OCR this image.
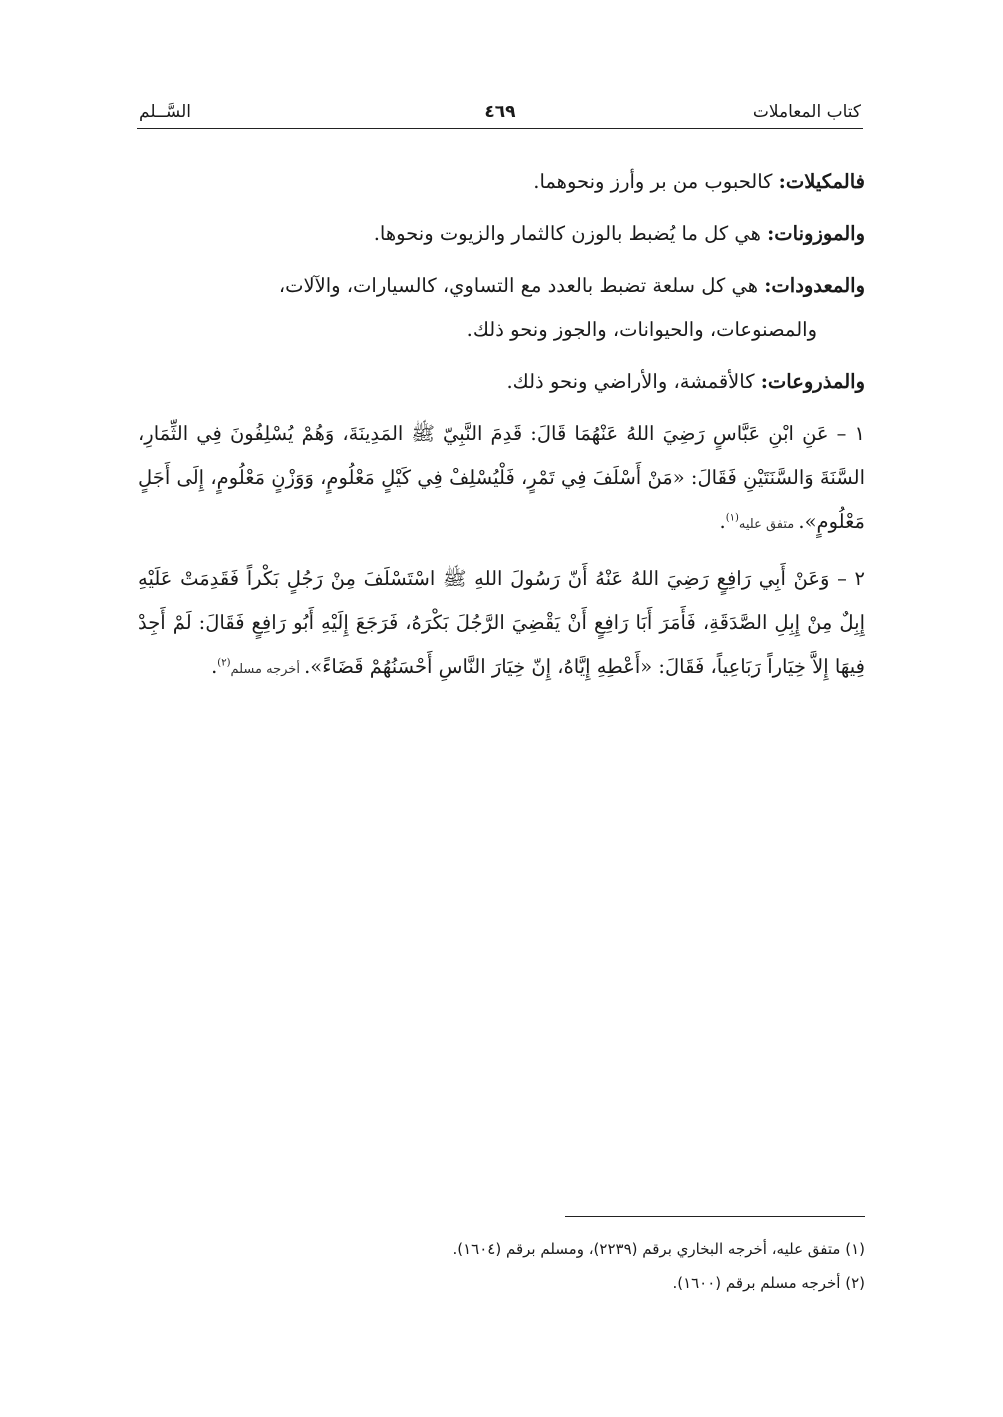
كتاب المعاملات
٤٦٩
السَّــلم

فالمكيلات: كالحبوب من بر وأرز ونحوهما.

والموزونات: هي كل ما يُضبط بالوزن كالثمار والزيوت ونحوها.

والمعدودات: هي كل سلعة تضبط بالعدد مع التساوي، كالسيارات، والآلات،
والمصنوعات، والحيوانات، والجوز ونحو ذلك.

والمذروعات: كالأقمشة، والأراضي ونحو ذلك.

١ – عَنِ ابْنِ عَبَّاسٍ رَضِيَ اللهُ عَنْهُمَا قَالَ: قَدِمَ النَّبِيّ ﷺ المَدِينَةَ، وَهُمْ يُسْلِفُونَ فِي الثِّمَارِ، السَّنَةَ وَالسَّنَتَيْنِ فَقَالَ: «مَنْ أَسْلَفَ فِي تَمْرٍ، فَلْيُسْلِفْ فِي كَيْلٍ مَعْلُومٍ، وَوَزْنٍ مَعْلُومٍ، إِلَى أَجَلٍ مَعْلُومٍ». متفق عليه$^{(١)}$.

٢ – وَعَنْ أَبِي رَافِعٍ رَضِيَ اللهُ عَنْهُ أَنّ رَسُولَ اللهِ ﷺ اسْتَسْلَفَ مِنْ رَجُلٍ بَكْراً فَقَدِمَتْ عَلَيْهِ إِبِلٌ مِنْ إِبِلِ الصَّدَقَةِ، فَأَمَرَ أَبَا رَافِعٍ أَنْ يَقْضِيَ الرَّجُلَ بَكْرَهُ، فَرَجَعَ إِلَيْهِ أَبُو رَافِعٍ فَقَالَ: لَمْ أَجِدْ فِيهَا إِلاَّ خِيَاراً رَبَاعِياً، فَقَالَ: «أَعْطِهِ إِيَّاهُ، إِنّ خِيَارَ النَّاسِ أَحْسَنُهُمْ قَضَاءً». أخرجه مسلم$^{(٢)}$.

(١) متفق عليه، أخرجه البخاري برقم (٢٢٣٩)، ومسلم برقم (١٦٠٤).

(٢) أخرجه مسلم برقم (١٦٠٠).
